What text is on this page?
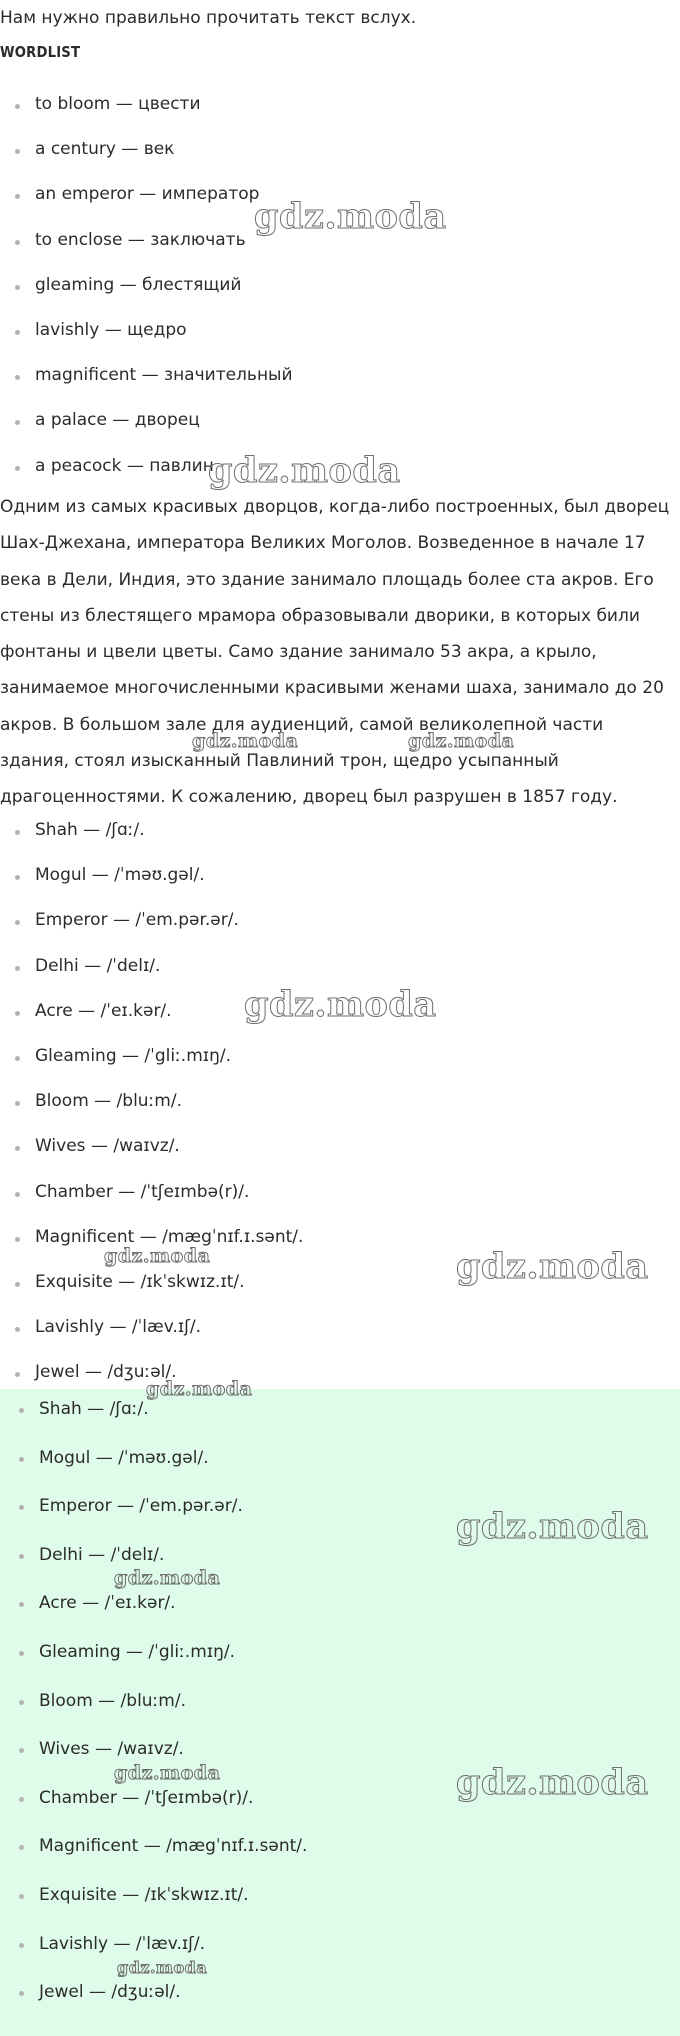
Нам нужно правильно прочитать текст вслух.
WORDLIST
to bloom — цвести
a century — век
an emperor — император
to enclose — заключать
gleaming — блестящий
lavishly — щедро
magnificent — значительный
a palace — дворец
a peacock — павлин

Одним из самых красивых дворцов, когда-либо построенных, был дворец Шах-Джехана, императора Великих Моголов. Возведенное в начале 17 века в Дели, Индия, это здание занимало площадь более ста акров. Его стены из блестящего мрамора образовывали дворики, в которых били фонтаны и цвели цветы. Само здание занимало 53 акра, а крыло, занимаемое многочисленными красивыми женами шаха, занимало до 20 акров. В большом зале для аудиенций, самой великолепной части здания, стоял изысканный Павлиний трон, щедро усыпанный драгоценностями. К сожалению, дворец был разрушен в 1857 году.

Shah — /ʃɑː/.
Mogul — /ˈməʊ.gəl/.
Emperor — /ˈem.pər.ər/.
Delhi — /ˈdelɪ/.
Acre — /ˈeɪ.kər/.
Gleaming — /ˈgliː.mɪŋ/.
Bloom — /bluːm/.
Wives — /waɪvz/.
Chamber — /ˈtʃeɪmbə(r)/.
Magnificent — /mægˈnɪf.ɪ.sənt/.
Exquisite — /ɪkˈskwɪz.ɪt/.
Lavishly — /ˈlæv.ɪʃ/.
Jewel — /dʒuːəl/.
Shah — /ʃɑː/.
Mogul — /ˈməʊ.gəl/.
Emperor — /ˈem.pər.ər/.
Delhi — /ˈdelɪ/.
Acre — /ˈeɪ.kər/.
Gleaming — /ˈgliː.mɪŋ/.
Bloom — /bluːm/.
Wives — /waɪvz/.
Chamber — /ˈtʃeɪmbə(r)/.
Magnificent — /mægˈnɪf.ɪ.sənt/.
Exquisite — /ɪkˈskwɪz.ɪt/.
Lavishly — /ˈlæv.ɪʃ/.
Jewel — /dʒuːəl/.
gdz.moda
gdz.moda
gdz.moda	gdz.moda
gdz.moda
gdz.moda	gdz.moda
gdz.moda
gdz.moda
gdz.moda
gdz.moda	gdz.moda
gdz.moda
